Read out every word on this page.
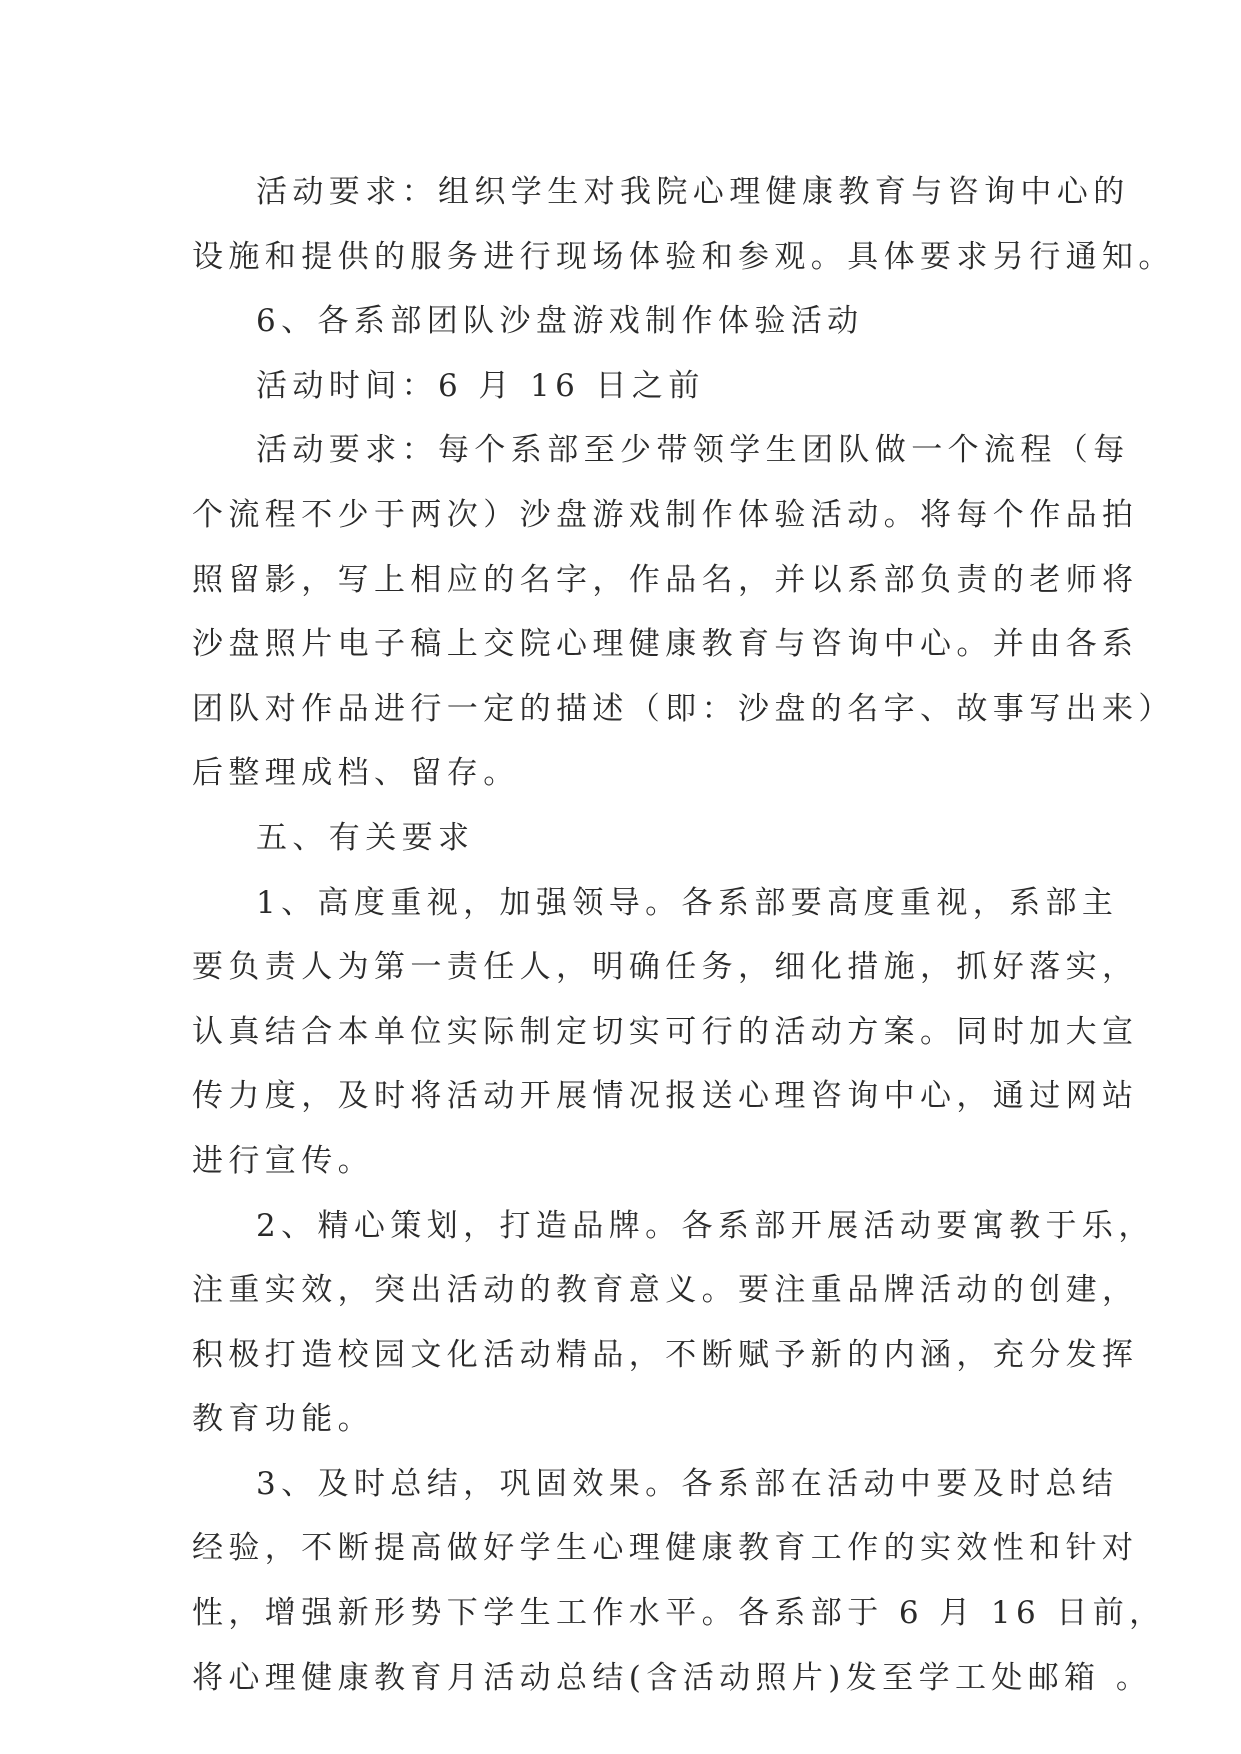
活动要求：组织学生对我院心理健康教育与咨询中心的
设施和提供的服务进行现场体验和参观。具体要求另行通知。
6、各系部团队沙盘游戏制作体验活动
活动时间：6 月 16 日之前
活动要求：每个系部至少带领学生团队做一个流程（每
个流程不少于两次）沙盘游戏制作体验活动。将每个作品拍
照留影，写上相应的名字，作品名，并以系部负责的老师将
沙盘照片电子稿上交院心理健康教育与咨询中心。并由各系
团队对作品进行一定的描述（即：沙盘的名字、故事写出来）
后整理成档、留存。
五、有关要求
1、高度重视，加强领导。各系部要高度重视，系部主
要负责人为第一责任人，明确任务，细化措施，抓好落实，
认真结合本单位实际制定切实可行的活动方案。同时加大宣
传力度，及时将活动开展情况报送心理咨询中心，通过网站
进行宣传。
2、精心策划，打造品牌。各系部开展活动要寓教于乐，
注重实效，突出活动的教育意义。要注重品牌活动的创建，
积极打造校园文化活动精品，不断赋予新的内涵，充分发挥
教育功能。
3、及时总结，巩固效果。各系部在活动中要及时总结
经验，不断提高做好学生心理健康教育工作的实效性和针对
性，增强新形势下学生工作水平。各系部于 6 月 16 日前，
将心理健康教育月活动总结(含活动照片)发至学工处邮箱 。
